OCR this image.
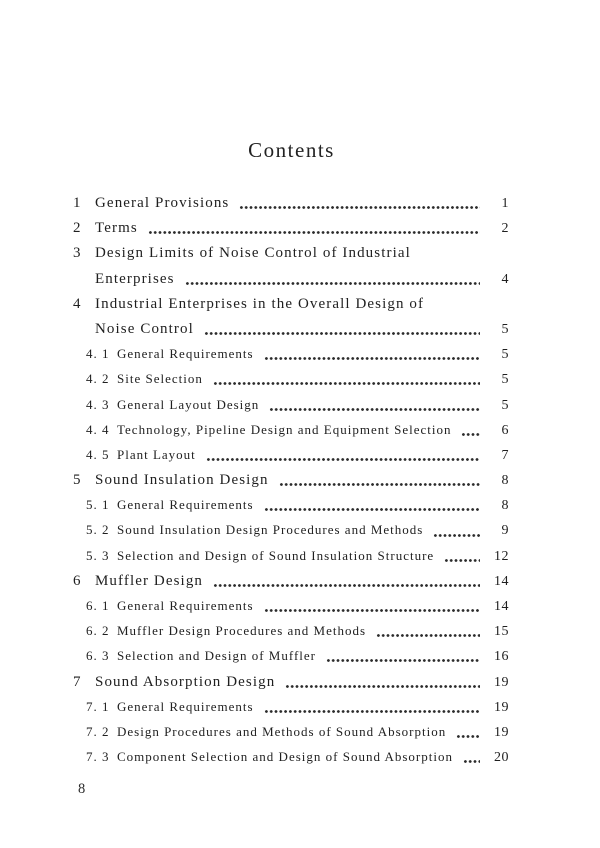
Contents
1 General Provisions	1
2 Terms	2
3 Design Limits of Noise Control of Industrial
Enterprises	4
4 Industrial Enterprises in the Overall Design of
Noise Control	5
4. 1 General Requirements	5
4. 2 Site Selection	5
4. 3 General Layout Design	5
4. 4 Technology, Pipeline Design and Equipment Selection	6
4. 5 Plant Layout	7
5 Sound Insulation Design	8
5. 1 General Requirements	8
5. 2 Sound Insulation Design Procedures and Methods	9
5. 3 Selection and Design of Sound Insulation Structure	12
6 Muffler Design	14
6. 1 General Requirements	14
6. 2 Muffler Design Procedures and Methods	15
6. 3 Selection and Design of Muffler	16
7 Sound Absorption Design	19
7. 1 General Requirements	19
7. 2 Design Procedures and Methods of Sound Absorption	19
7. 3 Component Selection and Design of Sound Absorption	20
8
